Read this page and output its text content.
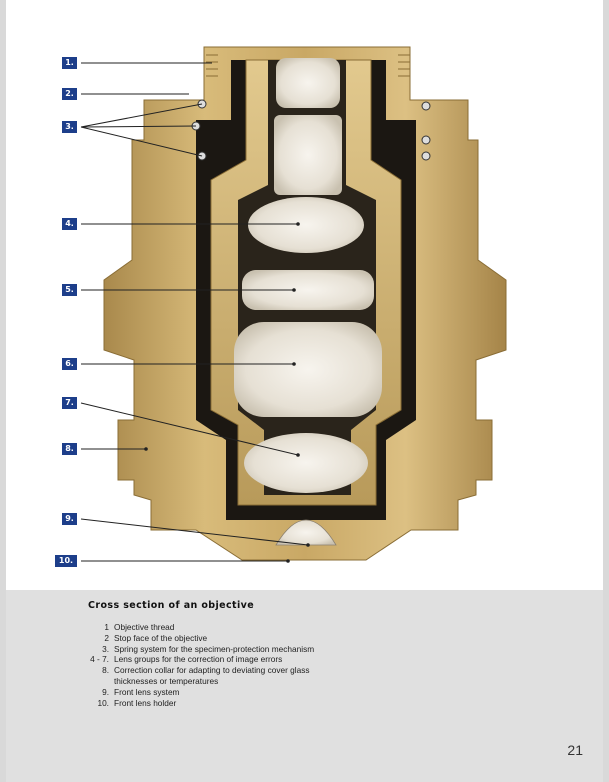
1.
2.
3.
4.
5.
6.
7.
8.
9.
10.
Cross section of an objective
1 Objective thread
2 Stop face of the objective
3. Spring system for the specimen-protection mechanism
4 - 7. Lens groups for the correction of image errors
8. Correction collar for adapting to deviating cover glass
thicknesses or temperatures
9. Front lens system
10. Front lens holder
21
